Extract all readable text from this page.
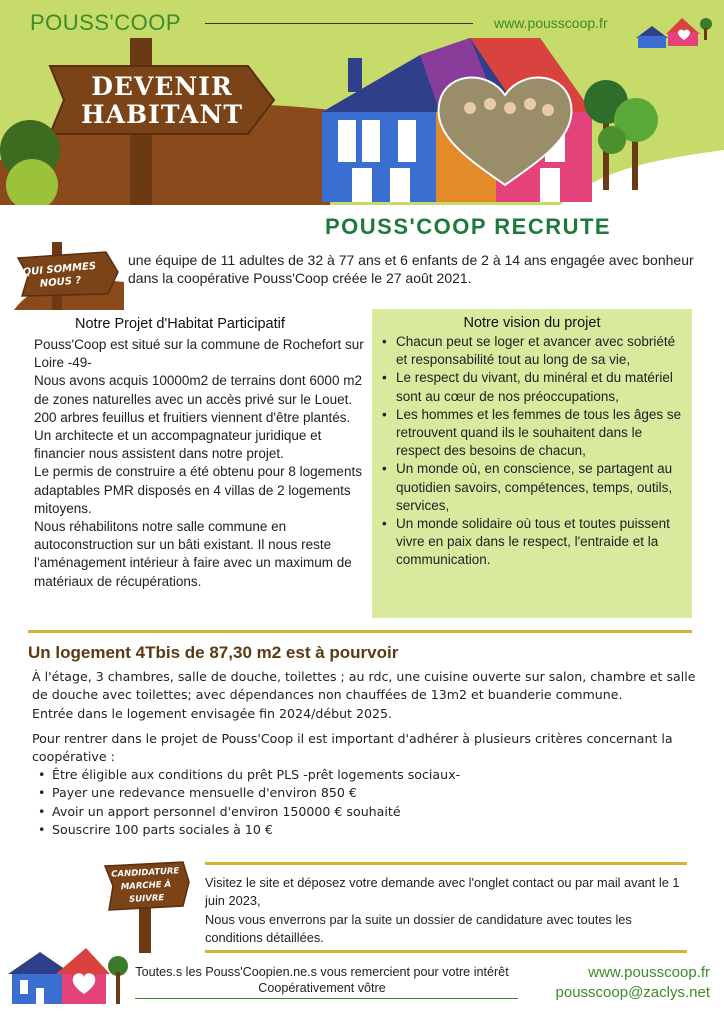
POUSS'COOP	www.pousscoop.fr
DEVENIR HABITANT
POUSS'COOP RECRUTE
QUI SOMMES NOUS ?
une équipe de 11 adultes de 32 à 77 ans et 6 enfants de 2 à 14 ans engagée avec bonheur dans la coopérative Pouss'Coop créée le 27 août 2021.
Notre Projet d'Habitat Participatif

Pouss'Coop est situé sur la commune de Rochefort sur Loire -49-

Nous avons acquis 10000m2 de terrains dont 6000 m2 de zones naturelles avec un accès privé sur le Louet. 200 arbres feuillus et fruitiers viennent d'être plantés.

Un architecte et un accompagnateur juridique et financier nous assistent dans notre projet.

Le permis de construire a été obtenu pour 8 logements adaptables PMR disposés en 4 villas de 2 logements mitoyens.

Nous réhabilitons notre salle commune en autoconstruction sur un bâti existant. Il nous reste l'aménagement intérieur à faire avec un maximum de matériaux de récupérations.

Notre vision du projet
• Chacun peut se loger et avancer avec sobriété et responsabilité tout au long de sa vie,
• Le respect du vivant, du minéral et du matériel sont au cœur de nos préoccupations,
• Les hommes et les femmes de tous les âges se retrouvent quand ils le souhaitent dans le respect des besoins de chacun,
• Un monde où, en conscience, se partagent au quotidien savoirs, compétences, temps, outils, services,
• Un monde solidaire où tous et toutes puissent vivre en paix dans le respect, l'entraide et la communication.
Un logement 4Tbis de 87,30 m2 est à pourvoir

À l'étage, 3 chambres, salle de douche, toilettes ; au rdc, une cuisine ouverte sur salon, chambre et salle de douche avec toilettes; avec dépendances non chauffées de 13m2 et buanderie commune.

Entrée dans le logement envisagée fin 2024/début 2025.

Pour rentrer dans le projet de Pouss'Coop il est important d'adhérer à plusieurs critères concernant la coopérative :
• Être éligible aux conditions du prêt PLS -prêt logements sociaux-
• Payer une redevance mensuelle d'environ 850 €
• Avoir un apport personnel d'environ 150000 € souhaité
• Souscrire 100 parts sociales à 10 €
CANDIDATURE MARCHE À SUIVRE

Visitez le site et déposez votre demande avec l'onglet contact ou par mail avant le 1 juin 2023,

Nous vous enverrons par la suite un dossier de candidature avec toutes les conditions détaillées.

Toutes.s les Pouss'Coopien.ne.s vous remercient pour votre intérêt
Coopérativement vôtre
www.pousscoop.fr
pousscoop@zaclys.net
